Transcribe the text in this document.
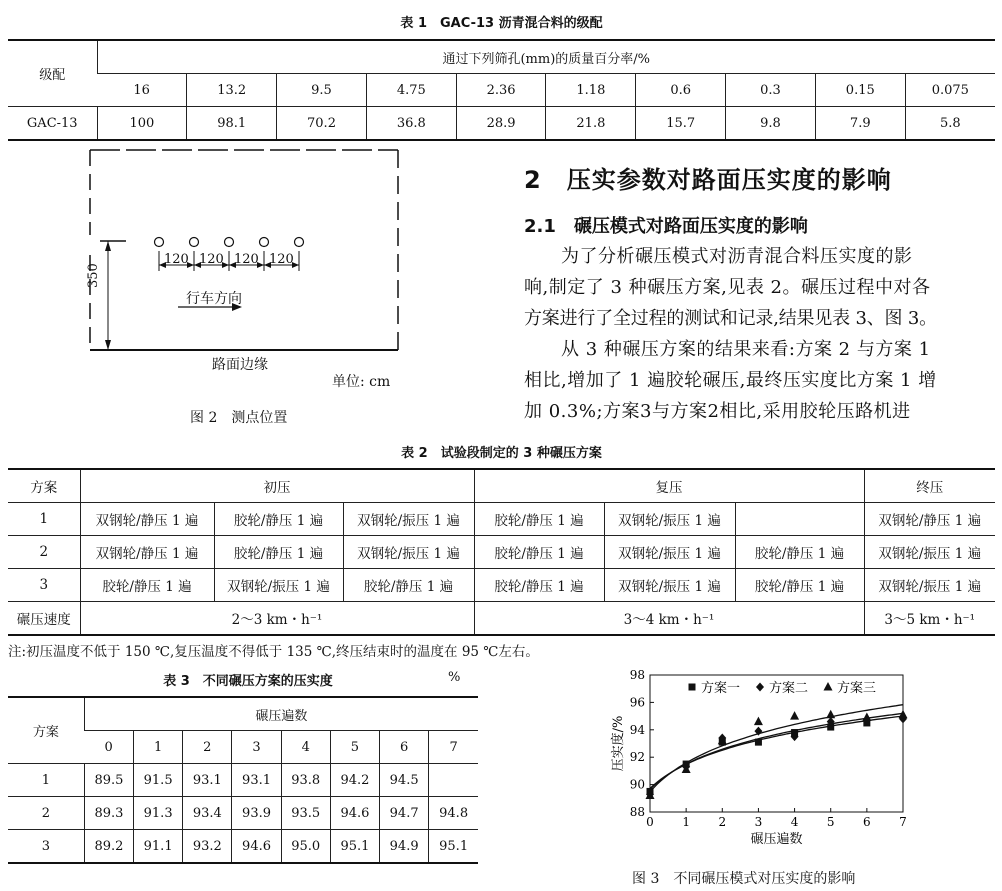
表 1　GAC-13 沥青混合料的级配
级配	通过下列筛孔(mm)的质量百分率/%									
	16	13.2	9.5	4.75	2.36	1.18	0.6	0.3	0.15	0.075
GAC-13	100	98.1	70.2	36.8	28.9	21.8	15.7	9.8	7.9	5.8
350
120 120 120 120
行车方向
路面边缘
单位: cm
图 2　测点位置
2　压实参数对路面压实度的影响
2.1　碾压模式对路面压实度的影响
　　为了分析碾压模式对沥青混合料压实度的影
响,制定了 3 种碾压方案,见表 2。碾压过程中对各
方案进行了全过程的测试和记录,结果见表 3、图 3。
　　从 3 种碾压方案的结果来看:方案 2 与方案 1
相比,增加了 1 遍胶轮碾压,最终压实度比方案 1 增
加 0.3%;方案3与方案2相比,采用胶轮压路机进
表 2　试验段制定的 3 种碾压方案
方案	初压			复压			终压
1	双钢轮/静压 1 遍	胶轮/静压 1 遍	双钢轮/振压 1 遍	胶轮/静压 1 遍	双钢轮/振压 1 遍		双钢轮/静压 1 遍
2	双钢轮/静压 1 遍	胶轮/静压 1 遍	双钢轮/振压 1 遍	胶轮/静压 1 遍	双钢轮/振压 1 遍	胶轮/静压 1 遍	双钢轮/振压 1 遍
3	胶轮/静压 1 遍	双钢轮/振压 1 遍	胶轮/静压 1 遍	胶轮/静压 1 遍	双钢轮/振压 1 遍	胶轮/静压 1 遍	双钢轮/振压 1 遍
碾压速度	2～3 km・h⁻¹			3～4 km・h⁻¹			3～5 km・h⁻¹
注:初压温度不低于 150 ℃,复压温度不得低于 135 ℃,终压结束时的温度在 95 ℃左右。
表 3　不同碾压方案的压实度	%
方案	碾压遍数							
	0	1	2	3	4	5	6	7
1	89.5	91.5	93.1	93.1	93.8	94.2	94.5	
2	89.3	91.3	93.4	93.9	93.5	94.6	94.7	94.8
3	89.2	91.1	93.2	94.6	95.0	95.1	94.9	95.1
0 1 2 3 4 5 6 7
88
90
92
94
96
98
碾压遍数
压实度/%
方案一 方案二 方案三
图 3　不同碾压模式对压实度的影响
